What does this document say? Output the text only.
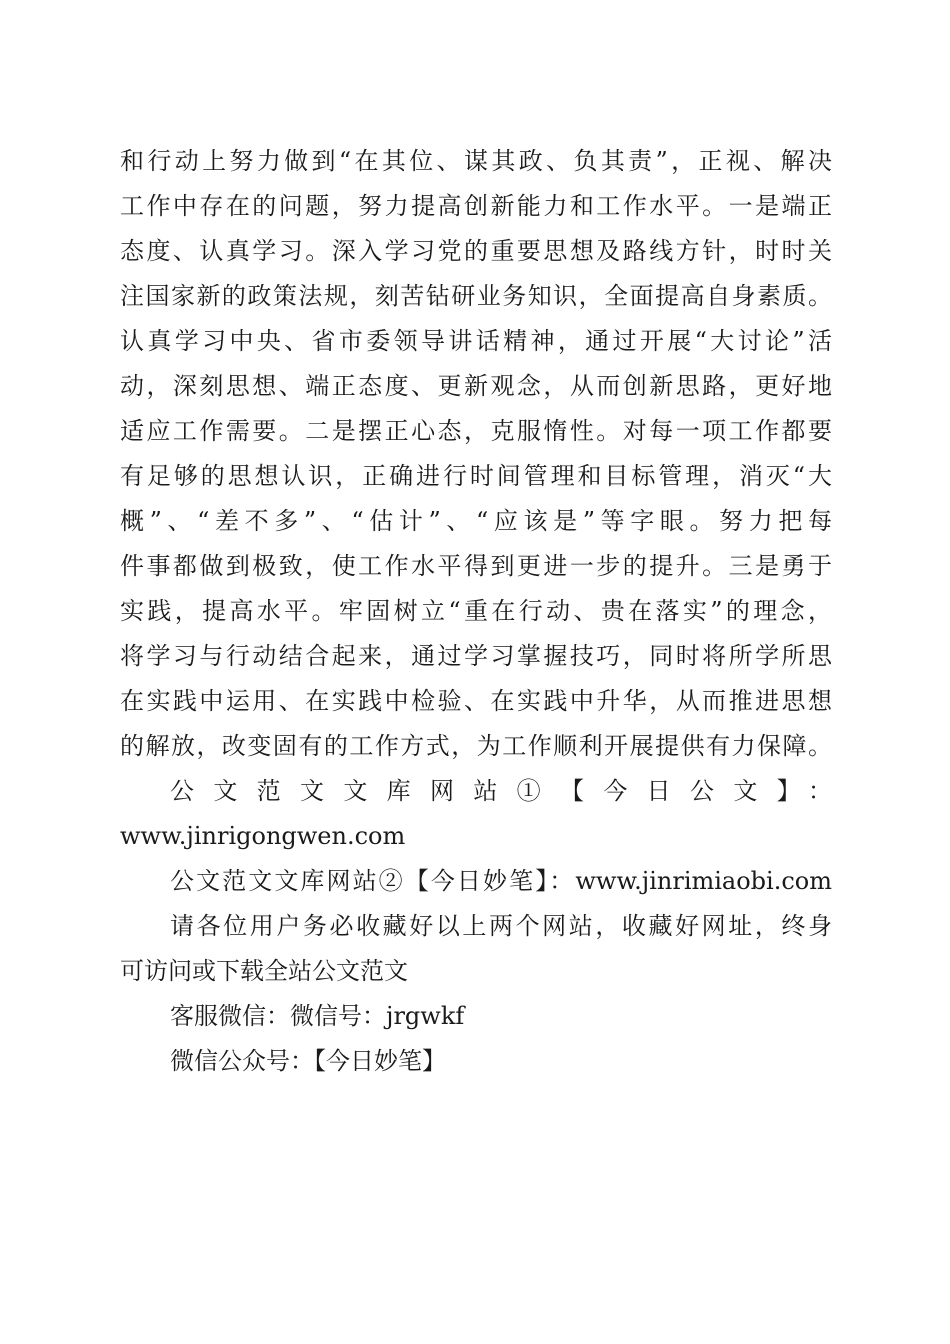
和行动上努力做到“在其位、谋其政、负其责”，正视、解决
工作中存在的问题，努力提高创新能力和工作水平。一是端正
态度、认真学习。深入学习党的重要思想及路线方针，时时关
注国家新的政策法规，刻苦钻研业务知识，全面提高自身素质。
认真学习中央、省市委领导讲话精神，通过开展“大讨论”活
动，深刻思想、端正态度、更新观念，从而创新思路，更好地
适应工作需要。二是摆正心态，克服惰性。对每一项工作都要
有足够的思想认识，正确进行时间管理和目标管理，消灭“大
概”、“差不多”、“估计”、“应该是”等字眼。努力把每
件事都做到极致，使工作水平得到更进一步的提升。三是勇于
实践，提高水平。牢固树立“重在行动、贵在落实”的理念，
将学习与行动结合起来，通过学习掌握技巧，同时将所学所思
在实践中运用、在实践中检验、在实践中升华，从而推进思想
的解放，改变固有的工作方式，为工作顺利开展提供有力保障。
公文范文文库网站①【今日公文】：
www.jinrigongwen.com
公文范文文库网站②【今日妙笔】：www.jinrimiaobi.com
请各位用户务必收藏好以上两个网站，收藏好网址，终身
可访问或下载全站公文范文
客服微信：微信号：jrgwkf
微信公众号：【今日妙笔】
